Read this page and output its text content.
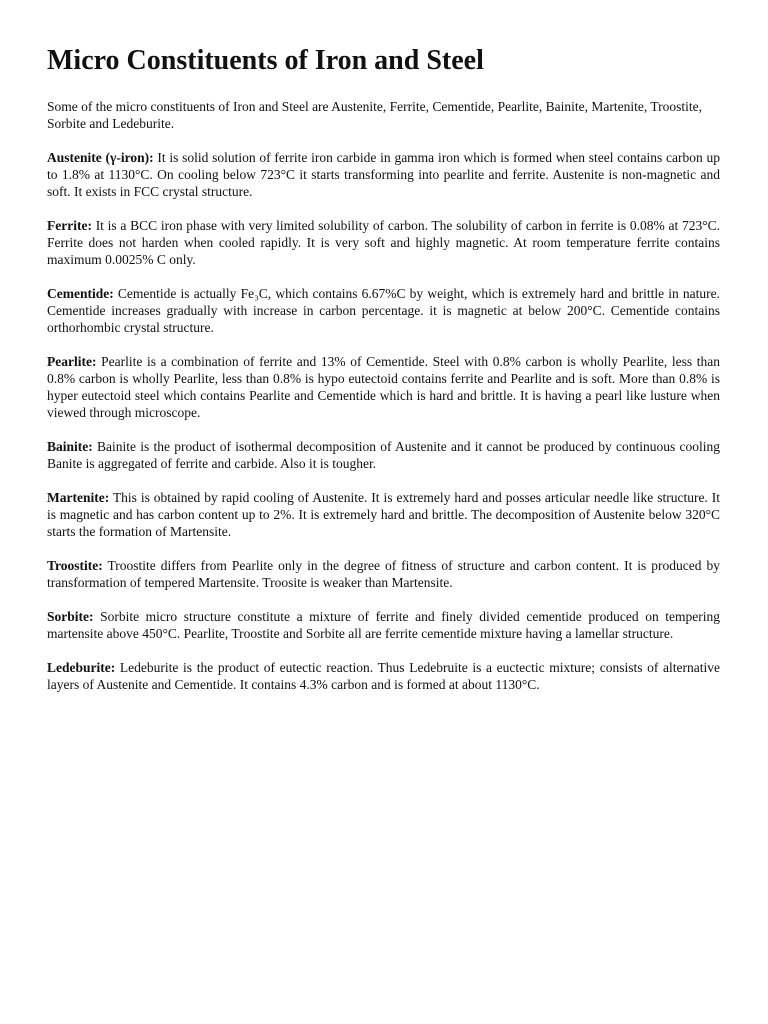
Micro Constituents of Iron and Steel

Some of the micro constituents of Iron and Steel are Austenite, Ferrite, Cementide, Pearlite, Bainite, Martenite, Troostite, Sorbite and Ledeburite.

Austenite (γ-iron): It is solid solution of ferrite iron carbide in gamma iron which is formed when steel contains carbon up to 1.8% at 1130°C. On cooling below 723°C it starts transforming into pearlite and ferrite. Austenite is non-magnetic and soft. It exists in FCC crystal structure.

Ferrite: It is a BCC iron phase with very limited solubility of carbon. The solubility of carbon in ferrite is 0.08% at 723°C. Ferrite does not harden when cooled rapidly. It is very soft and highly magnetic. At room temperature ferrite contains maximum 0.0025% C only.

Cementide: Cementide is actually Fe₃C, which contains 6.67%C by weight, which is extremely hard and brittle in nature. Cementide increases gradually with increase in carbon percentage. it is magnetic at below 200°C. Cementide contains orthorhombic crystal structure.

Pearlite: Pearlite is a combination of ferrite and 13% of Cementide. Steel with 0.8% carbon is wholly Pearlite, less than 0.8% carbon is wholly Pearlite, less than 0.8% is hypo eutectoid contains ferrite and Pearlite and is soft. More than 0.8% is hyper eutectoid steel which contains Pearlite and Cementide which is hard and brittle. It is having a pearl like lusture when viewed through microscope.

Bainite: Bainite is the product of isothermal decomposition of Austenite and it cannot be produced by continuous cooling Banite is aggregated of ferrite and carbide. Also it is tougher.

Martenite: This is obtained by rapid cooling of Austenite. It is extremely hard and posses articular needle like structure. It is magnetic and has carbon content up to 2%. It is extremely hard and brittle. The decomposition of Austenite below 320°C starts the formation of Martensite.

Troostite: Troostite differs from Pearlite only in the degree of fitness of structure and carbon content. It is produced by transformation of tempered Martensite. Troosite is weaker than Martensite.

Sorbite: Sorbite micro structure constitute a mixture of ferrite and finely divided cementide produced on tempering martensite above 450°C. Pearlite, Troostite and Sorbite all are ferrite cementide mixture having a lamellar structure.

Ledeburite: Ledeburite is the product of eutectic reaction. Thus Ledebruite is a euctectic mixture; consists of alternative layers of Austenite and Cementide. It contains 4.3% carbon and is formed at about 1130°C.
